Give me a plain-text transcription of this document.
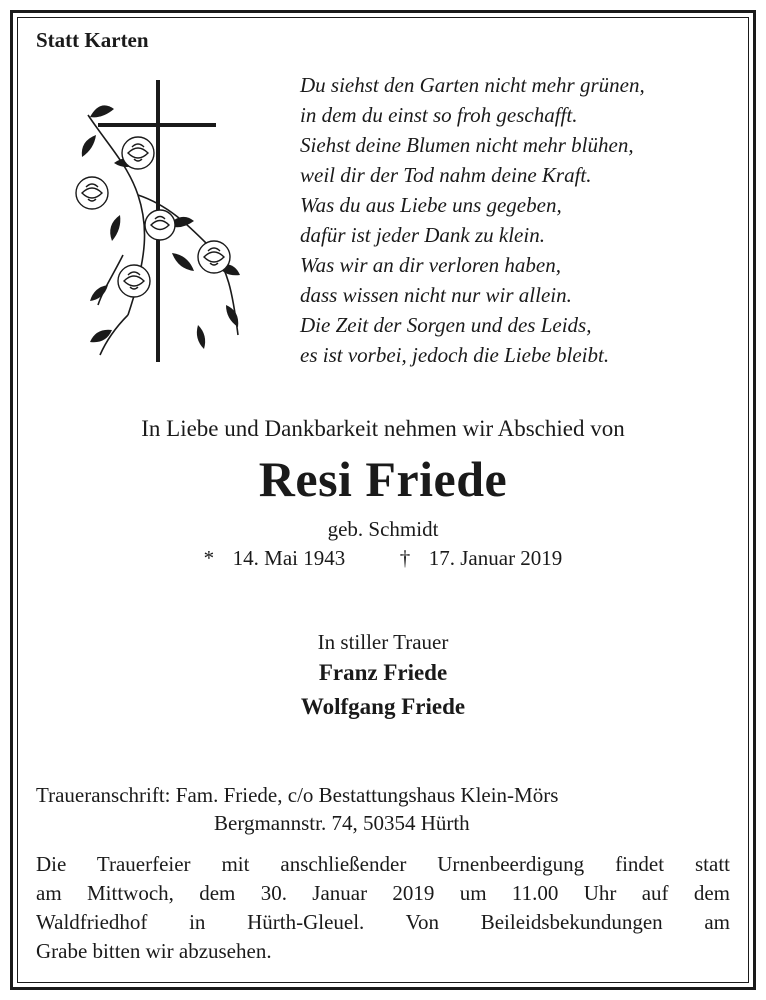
Statt Karten
Du siehst den Garten nicht mehr grünen,
in dem du einst so froh geschafft.
Siehst deine Blumen nicht mehr blühen,
weil dir der Tod nahm deine Kraft.
Was du aus Liebe uns gegeben,
dafür ist jeder Dank zu klein.
Was wir an dir verloren haben,
dass wissen nicht nur wir allein.
Die Zeit der Sorgen und des Leids,
es ist vorbei, jedoch die Liebe bleibt.
In Liebe und Dankbarkeit nehmen wir Abschied von
Resi Friede
geb. Schmidt
* 14. Mai 1943	† 17. Januar 2019
In stiller Trauer
Franz Friede
Wolfgang Friede
Traueranschrift: Fam. Friede, c/o Bestattungshaus Klein-Mörs
Bergmannstr. 74, 50354 Hürth
Die Trauerfeier mit anschließender Urnenbeerdigung findet statt
am Mittwoch, dem 30. Januar 2019 um 11.00 Uhr auf dem
Waldfriedhof in Hürth-Gleuel. Von Beileidsbekundungen am
Grabe bitten wir abzusehen.
